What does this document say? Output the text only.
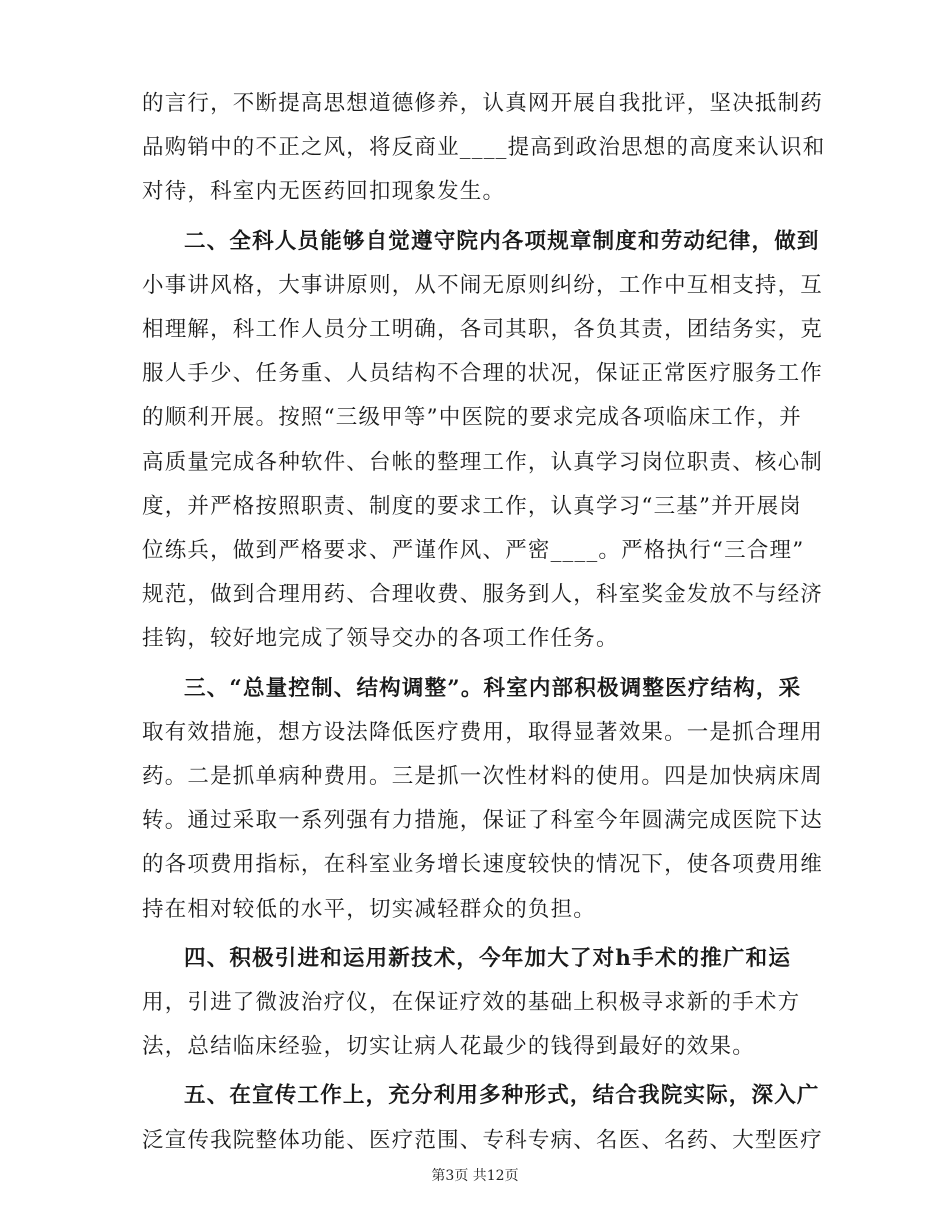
的言行，不断提高思想道德修养，认真网开展自我批评，坚决抵制药
品购销中的不正之风，将反商业____提高到政治思想的高度来认识和
对待，科室内无医药回扣现象发生。
二、全科人员能够自觉遵守院内各项规章制度和劳动纪律，做到
小事讲风格，大事讲原则，从不闹无原则纠纷，工作中互相支持，互
相理解，科工作人员分工明确，各司其职，各负其责，团结务实，克
服人手少、任务重、人员结构不合理的状况，保证正常医疗服务工作
的顺利开展。按照“三级甲等”中医院的要求完成各项临床工作，并
高质量完成各种软件、台帐的整理工作，认真学习岗位职责、核心制
度，并严格按照职责、制度的要求工作，认真学习“三基”并开展岗
位练兵，做到严格要求、严谨作风、严密____。严格执行“三合理”
规范，做到合理用药、合理收费、服务到人，科室奖金发放不与经济
挂钩，较好地完成了领导交办的各项工作任务。
三、“总量控制、结构调整”。科室内部积极调整医疗结构，采
取有效措施，想方设法降低医疗费用，取得显著效果。一是抓合理用
药。二是抓单病种费用。三是抓一次性材料的使用。四是加快病床周
转。通过采取一系列强有力措施，保证了科室今年圆满完成医院下达
的各项费用指标，在科室业务增长速度较快的情况下，使各项费用维
持在相对较低的水平，切实减轻群众的负担。
四、积极引进和运用新技术，今年加大了对h手术的推广和运
用，引进了微波治疗仪，在保证疗效的基础上积极寻求新的手术方
法，总结临床经验，切实让病人花最少的钱得到最好的效果。
五、在宣传工作上，充分利用多种形式，结合我院实际，深入广
泛宣传我院整体功能、医疗范围、专科专病、名医、名药、大型医疗
第3页 共12页
